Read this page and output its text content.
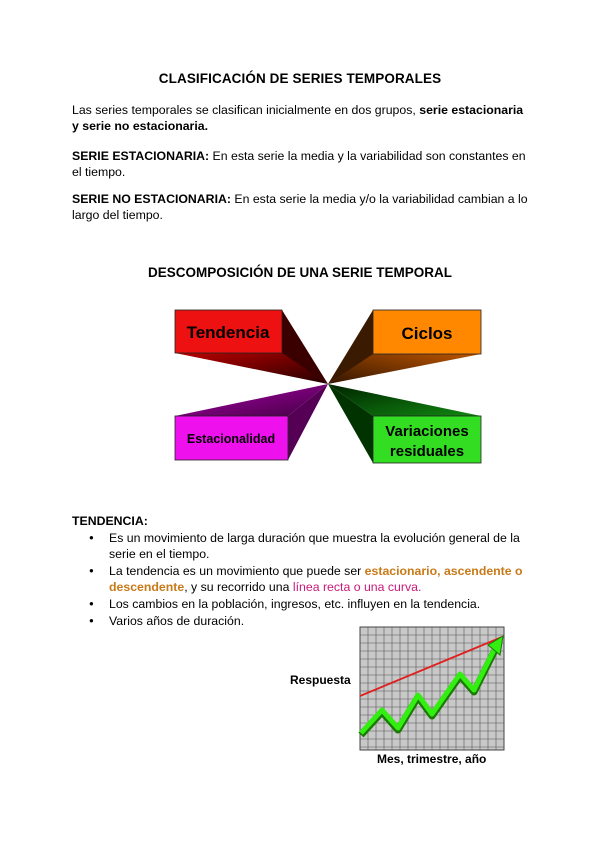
CLASIFICACIÓN DE SERIES TEMPORALES
Las series temporales se clasifican inicialmente en dos grupos, serie estacionaria y serie no estacionaria.
SERIE ESTACIONARIA: En esta serie la media y la variabilidad son constantes en el tiempo.
SERIE NO ESTACIONARIA: En esta serie la media y/o la variabilidad cambian a lo largo del tiempo.
DESCOMPOSICIÓN DE UNA SERIE TEMPORAL
Tendencia	Ciclos
Estacionalidad	Variaciones
residuales
TENDENCIA:
● Es un movimiento de larga duración que muestra la evolución general de la serie en el tiempo.
● La tendencia es un movimiento que puede ser estacionario, ascendente o descendente, y su recorrido una línea recta o una curva.
● Los cambios en la población, ingresos, etc. influyen en la tendencia.
● Varios años de duración.
Respuesta
Mes, trimestre, año
